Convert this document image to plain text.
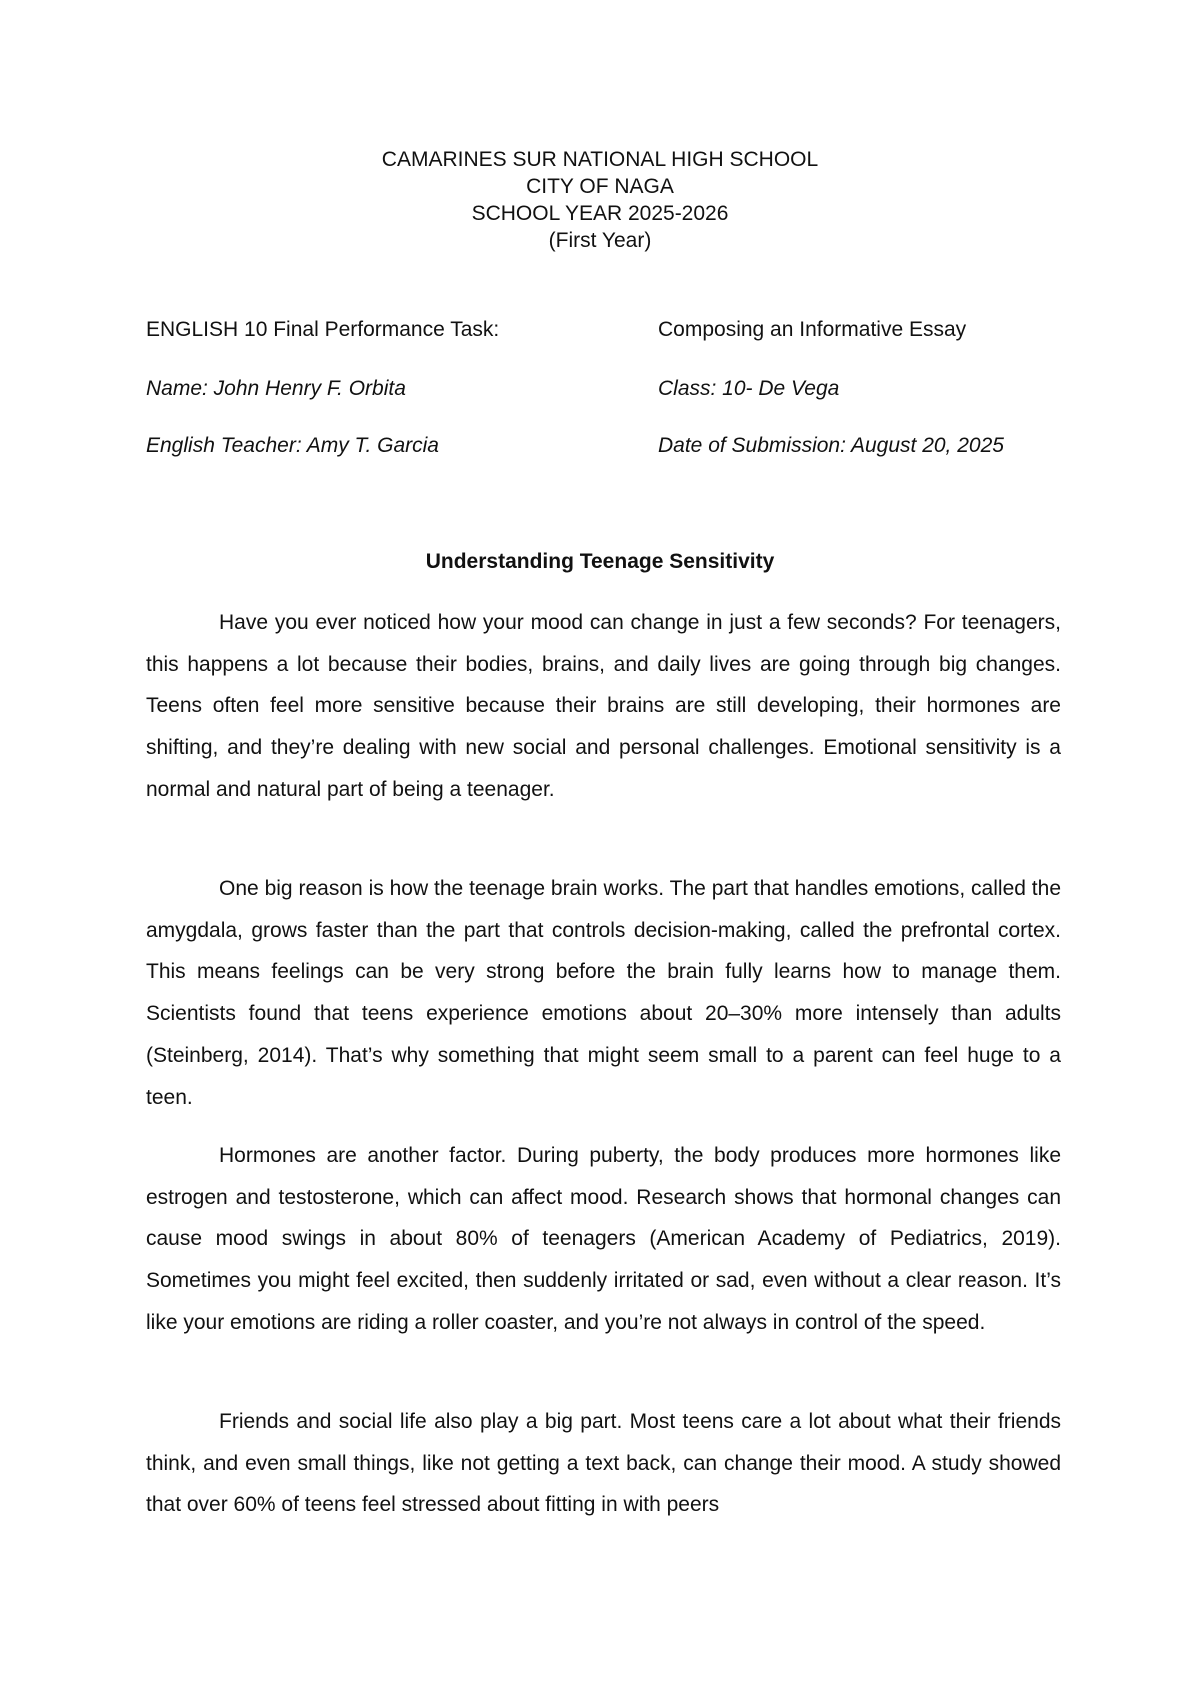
CAMARINES SUR NATIONAL HIGH SCHOOL
CITY OF NAGA
SCHOOL YEAR 2025-2026
(First Year)
ENGLISH 10 Final Performance Task:	Composing an Informative Essay
Name: John Henry F. Orbita	Class: 10- De Vega
English Teacher: Amy T. Garcia	Date of Submission: August 20, 2025
Understanding Teenage Sensitivity

Have you ever noticed how your mood can change in just a few seconds? For teenagers, this happens a lot because their bodies, brains, and daily lives are going through big changes. Teens often feel more sensitive because their brains are still developing, their hormones are shifting, and they’re dealing with new social and personal challenges. Emotional sensitivity is a normal and natural part of being a teenager.

One big reason is how the teenage brain works. The part that handles emotions, called the amygdala, grows faster than the part that controls decision-making, called the prefrontal cortex. This means feelings can be very strong before the brain fully learns how to manage them. Scientists found that teens experience emotions about 20–30% more intensely than adults (Steinberg, 2014). That’s why something that might seem small to a parent can feel huge to a teen.

Hormones are another factor. During puberty, the body produces more hormones like estrogen and testosterone, which can affect mood. Research shows that hormonal changes can cause mood swings in about 80% of teenagers (American Academy of Pediatrics, 2019). Sometimes you might feel excited, then suddenly irritated or sad, even without a clear reason. It’s like your emotions are riding a roller coaster, and you’re not always in control of the speed.

Friends and social life also play a big part. Most teens care a lot about what their friends think, and even small things, like not getting a text back, can change their mood. A study showed that over 60% of teens feel stressed about fitting in with peers
